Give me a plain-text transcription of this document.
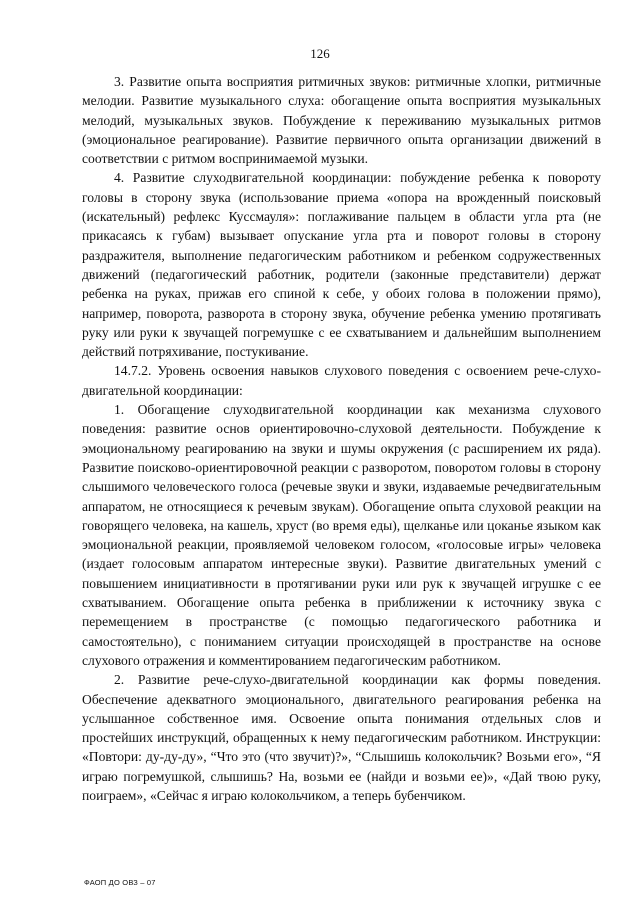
126

3. Развитие опыта восприятия ритмичных звуков: ритмичные хлопки, ритмичные мелодии. Развитие музыкального слуха: обогащение опыта восприятия музыкальных мелодий, музыкальных звуков. Побуждение к переживанию музыкальных ритмов (эмоциональное реагирование). Развитие первичного опыта организации движений в соответствии с ритмом воспринимаемой музыки.

4. Развитие слуходвигательной координации: побуждение ребенка к повороту головы в сторону звука (использование приема «опора на врожденный поисковый (искательный) рефлекс Куссмауля»: поглаживание пальцем в области угла рта (не прикасаясь к губам) вызывает опускание угла рта и поворот головы в сторону раздражителя, выполнение педагогическим работником и ребенком содружественных движений (педагогический работник, родители (законные представители) держат ребенка на руках, прижав его спиной к себе, у обоих голова в положении прямо), например, поворота, разворота в сторону звука, обучение ребенка умению протягивать руку или руки к звучащей погремушке с ее схватыванием и дальнейшим выполнением действий потряхивание, постукивание.

14.7.2. Уровень освоения навыков слухового поведения с освоением рече-слухо-двигательной координации:

1. Обогащение слуходвигательной координации как механизма слухового поведения: развитие основ ориентировочно-слуховой деятельности. Побуждение к эмоциональному реагированию на звуки и шумы окружения (с расширением их ряда). Развитие поисково-ориентировочной реакции с разворотом, поворотом головы в сторону слышимого человеческого голоса (речевые звуки и звуки, издаваемые речедвигательным аппаратом, не относящиеся к речевым звукам). Обогащение опыта слуховой реакции на говорящего человека, на кашель, хруст (во время еды), щелканье или цоканье языком как эмоциональной реакции, проявляемой человеком голосом, «голосовые игры» человека (издает голосовым аппаратом интересные звуки). Развитие двигательных умений с повышением инициативности в протягивании руки или рук к звучащей игрушке с ее схватыванием. Обогащение опыта ребенка в приближении к источнику звука с перемещением в пространстве (с помощью педагогического работника и самостоятельно), с пониманием ситуации происходящей в пространстве на основе слухового отражения и комментированием педагогическим работником.

2. Развитие рече-слухо-двигательной координации как формы поведения. Обеспечение адекватного эмоционального, двигательного реагирования ребенка на услышанное собственное имя. Освоение опыта понимания отдельных слов и простейших инструкций, обращенных к нему педагогическим работником. Инструкции: «Повтори: ду-ду-ду», “Что это (что звучит)?», “Слышишь колокольчик? Возьми его», “Я играю погремушкой, слышишь? На, возьми ее (найди и возьми ее)», «Дай твою руку, поиграем», «Сейчас я играю колокольчиком, а теперь бубенчиком.

ФАОП ДО ОВЗ – 07
